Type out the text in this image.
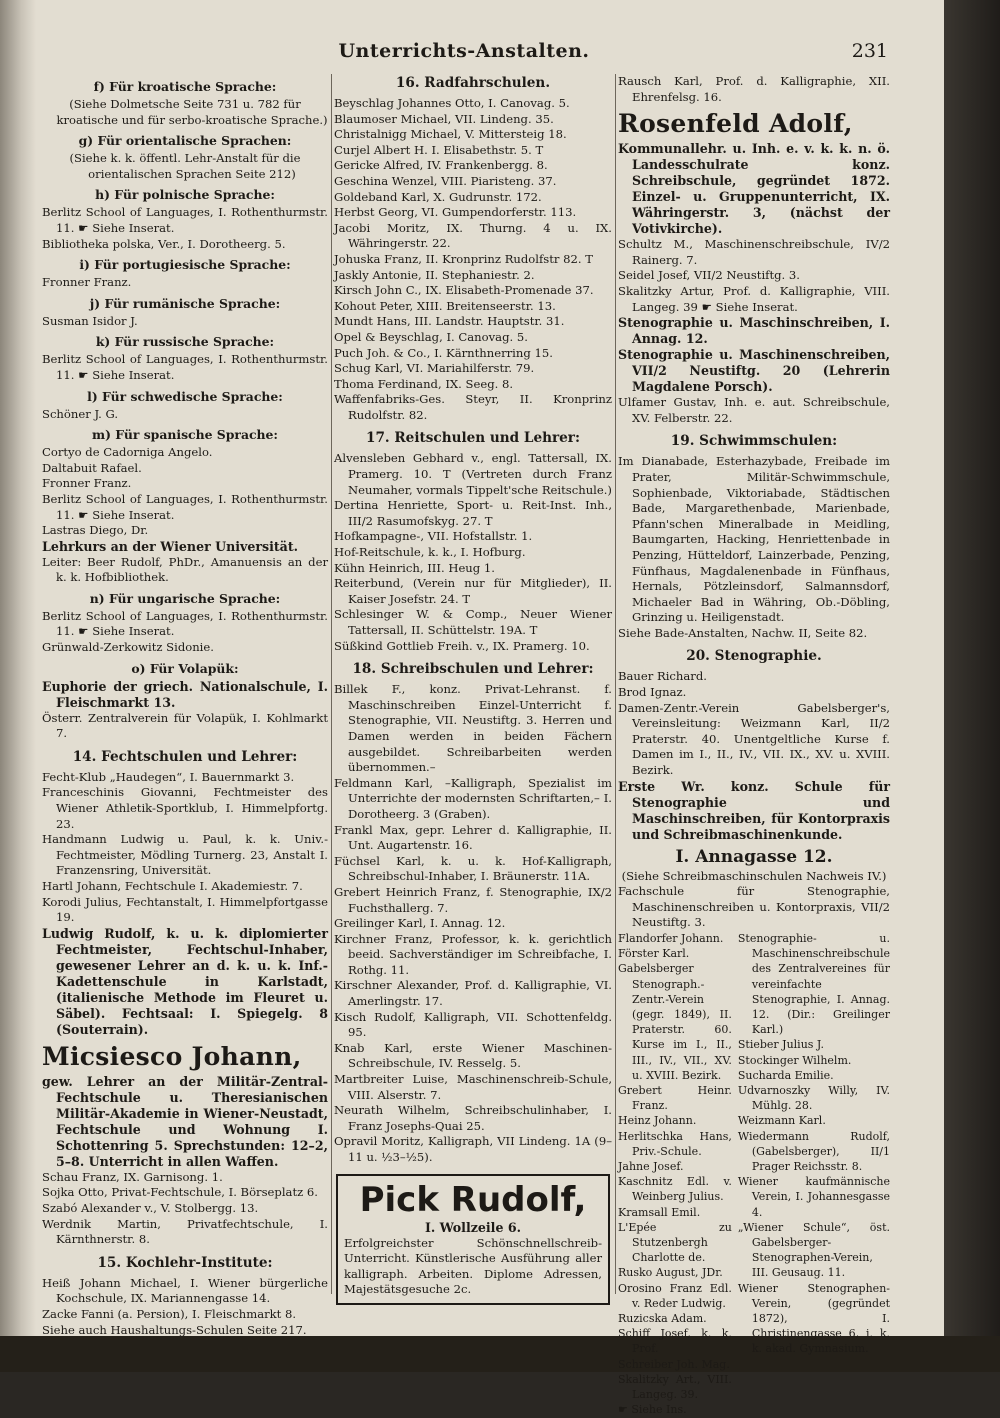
Unterrichts-Anstalten.	231
f) Für kroatische Sprache:

(Siehe Dolmetsche Seite 731 u. 782 für kroatische und für serbo-kroatische Sprache.)

g) Für orientalische Sprachen:

(Siehe k. k. öffentl. Lehr-Anstalt für die orientalischen Sprachen Seite 212)

h) Für polnische Sprache:

Berlitz School of Languages, I. Rothenthurmstr. 11. ☛ Siehe Inserat.

Bibliotheka polska, Ver., I. Dorotheerg. 5.

i) Für portugiesische Sprache:

Fronner Franz.

j) Für rumänische Sprache:

Susman Isidor J.

k) Für russische Sprache:

Berlitz School of Languages, I. Rothenthurmstr. 11. ☛ Siehe Inserat.

l) Für schwedische Sprache:

Schöner J. G.

m) Für spanische Sprache:

Cortyo de Cadorniga Angelo.

Daltabuit Rafael.

Fronner Franz.

Berlitz School of Languages, I. Rothenthurmstr. 11. ☛ Siehe Inserat.

Lastras Diego, Dr.

Lehrkurs an der Wiener Universität.

Leiter: Beer Rudolf, PhDr., Amanuensis an der k. k. Hofbibliothek.

n) Für ungarische Sprache:

Berlitz School of Languages, I. Rothenthurmstr. 11. ☛ Siehe Inserat.

Grünwald-Zerkowitz Sidonie.

o) Für Volapük:

Euphorie der griech. Nationalschule, I. Fleischmarkt 13.

Österr. Zentralverein für Volapük, I. Kohlmarkt 7.

14. Fechtschulen und Lehrer:

Fecht-Klub „Haudegen“, I. Bauernmarkt 3.

Franceschinis Giovanni, Fechtmeister des Wiener Athletik-Sportklub, I. Himmelpfortg. 23.

Handmann Ludwig u. Paul, k. k. Univ.-Fechtmeister, Mödling Turnerg. 23, Anstalt I. Franzensring, Universität.

Hartl Johann, Fechtschule I. Akademiestr. 7.

Korodi Julius, Fechtanstalt, I. Himmelpfortgasse 19.

Ludwig Rudolf, k. u. k. diplomierter Fechtmeister, Fechtschul-Inhaber, gewesener Lehrer an d. k. u. k. Inf.-Kadettenschule in Karlstadt, (italienische Methode im Fleuret u. Säbel). Fechtsaal: I. Spiegelg. 8 (Souterrain).

Micsiesco Johann,

gew. Lehrer an der Militär-Zentral-Fechtschule u. Theresianischen Militär-Akademie in Wiener-Neustadt, Fechtschule und Wohnung I. Schottenring 5. Sprechstunden: 12–2, 5–8. Unterricht in allen Waffen.

Schau Franz, IX. Garnisong. 1.

Sojka Otto, Privat-Fechtschule, I. Börseplatz 6.

Szabó Alexander v., V. Stolbergg. 13.

Werdnik Martin, Privatfechtschule, I. Kärnthnerstr. 8.

15. Kochlehr-Institute:

Heiß Johann Michael, I. Wiener bürgerliche Kochschule, IX. Mariannengasse 14.

Zacke Fanni (a. Persion), I. Fleischmarkt 8.

Siehe auch Haushaltungs-Schulen Seite 217.

16. Radfahrschulen.

Beyschlag Johannes Otto, I. Canovag. 5.

Blaumoser Michael, VII. Lindeng. 35.

Christalnigg Michael, V. Mittersteig 18.

Curjel Albert H. I. Elisabethstr. 5. T

Gericke Alfred, IV. Frankenbergg. 8.

Geschina Wenzel, VIII. Piaristeng. 37.

Goldeband Karl, X. Gudrunstr. 172.

Herbst Georg, VI. Gumpendorferstr. 113.

Jacobi Moritz, IX. Thurng. 4 u. IX. Währingerstr. 22.

Johuska Franz, II. Kronprinz Rudolfstr 82. T

Jaskly Antonie, II. Stephaniestr. 2.

Kirsch John C., IX. Elisabeth-Promenade 37.

Kohout Peter, XIII. Breitenseerstr. 13.

Mundt Hans, III. Landstr. Hauptstr. 31.

Opel & Beyschlag, I. Canovag. 5.

Puch Joh. & Co., I. Kärnthnerring 15.

Schug Karl, VI. Mariahilferstr. 79.

Thoma Ferdinand, IX. Seeg. 8.

Waffenfabriks-Ges. Steyr, II. Kronprinz Rudolfstr. 82.

17. Reitschulen und Lehrer:

Alvensleben Gebhard v., engl. Tattersall, IX. Pramerg. 10. T (Vertreten durch Franz Neumaher, vormals Tippelt'sche Reitschule.)

Dertina Henriette, Sport- u. Reit-Inst. Inh., III/2 Rasumofskyg. 27. T

Hofkampagne-, VII. Hofstallstr. 1.

Hof-Reitschule, k. k., I. Hofburg.

Kühn Heinrich, III. Heug 1.

Reiterbund, (Verein nur für Mitglieder), II. Kaiser Josefstr. 24. T

Schlesinger W. & Comp., Neuer Wiener Tattersall, II. Schüttelstr. 19A. T

Süßkind Gottlieb Freih. v., IX. Pramerg. 10.

18. Schreibschulen und Lehrer:

Billek F., konz. Privat-Lehranst. f. Maschinschreiben Einzel-Unterricht f. Stenographie, VII. Neustiftg. 3. Herren und Damen werden in beiden Fächern ausgebildet. Schreibarbeiten werden übernommen.–

Feldmann Karl, –Kalligraph, Spezialist im Unterrichte der modernsten Schriftarten,– I. Dorotheerg. 3 (Graben).

Frankl Max, gepr. Lehrer d. Kalligraphie, II. Unt. Augartenstr. 16.

Füchsel Karl, k. u. k. Hof-Kalligraph, Schreibschul-Inhaber, I. Bräunerstr. 11A.

Grebert Heinrich Franz, f. Stenographie, IX/2 Fuchsthallerg. 7.

Greilinger Karl, I. Annag. 12.

Kirchner Franz, Professor, k. k. gerichtlich beeid. Sachverständiger im Schreibfache, I. Rothg. 11.

Kirschner Alexander, Prof. d. Kalligraphie, VI. Amerlingstr. 17.

Kisch Rudolf, Kalligraph, VII. Schottenfeldg. 95.

Knab Karl, erste Wiener Maschinen-Schreibschule, IV. Resselg. 5.

Martbreiter Luise, Maschinenschreib-Schule, VIII. Alserstr. 7.

Neurath Wilhelm, Schreibschulinhaber, I. Franz Josephs-Quai 25.

Opravil Moritz, Kalligraph, VII Lindeng. 1A (9–11 u. ½3–½5).

Pick Rudolf,

I. Wollzeile 6.

Erfolgreichster Schönschnellschreib-Unterricht. Künstlerische Ausführung aller kalligraph. Arbeiten. Diplome Adressen, Majestätsgesuche 2c.

Rausch Karl, Prof. d. Kalligraphie, XII. Ehrenfelsg. 16.

Rosenfeld Adolf,

Kommunallehr. u. Inh. e. v. k. k. n. ö. Landesschulrate konz. Schreibschule, gegründet 1872. Einzel- u. Gruppenunterricht, IX. Währingerstr. 3, (nächst der Votivkirche).

Schultz M., Maschinenschreibschule, IV/2 Rainerg. 7.

Seidel Josef, VII/2 Neustiftg. 3.

Skalitzky Artur, Prof. d. Kalligraphie, VIII. Langeg. 39 ☛ Siehe Inserat.

Stenographie u. Maschinschreiben, I. Annag. 12.

Stenographie u. Maschinenschreiben, VII/2 Neustiftg. 20 (Lehrerin Magdalene Porsch).

Ulfamer Gustav, Inh. e. aut. Schreibschule, XV. Felberstr. 22.

19. Schwimmschulen:

Im Dianabade, Esterhazybade, Freibade im Prater, Militär-Schwimmschule, Sophienbade, Viktoriabade, Städtischen Bade, Margarethenbade, Marienbade, Pfann'schen Mineralbade in Meidling, Baumgarten, Hacking, Henriettenbade in Penzing, Hütteldorf, Lainzerbade, Penzing, Fünfhaus, Magdalenenbade in Fünfhaus, Hernals, Pötzleinsdorf, Salmannsdorf, Michaeler Bad in Währing, Ob.-Döbling, Grinzing u. Heiligenstadt.

Siehe Bade-Anstalten, Nachw. II, Seite 82.

20. Stenographie.

Bauer Richard.

Brod Ignaz.

Damen-Zentr.-Verein Gabelsberger's, Vereinsleitung: Weizmann Karl, II/2 Praterstr. 40. Unentgeltliche Kurse f. Damen im I., II., IV., VII. IX., XV. u. XVIII. Bezirk.

Erste Wr. konz. Schule für Stenographie und Maschinschreiben, für Kontorpraxis und Schreibmaschinenkunde.

I. Annagasse 12.

(Siehe Schreibmaschinschulen Nachweis IV.)

Fachschule für Stenographie, Maschinenschreiben u. Kontorpraxis, VII/2 Neustiftg. 3.

Flandorfer Johann.

Förster Karl.

Gabelsberger Stenograph.-Zentr.-Verein (gegr. 1849), II. Praterstr. 60. Kurse im I., II., III., IV., VII., XV. u. XVIII. Bezirk.

Grebert Heinr. Franz.

Heinz Johann.

Herlitschka Hans, Priv.-Schule.

Jahne Josef.

Kaschnitz Edl. v. Weinberg Julius.

Kramsall Emil.

L'Epée zu Stutzenbergh Charlotte de.

Rusko August, JDr.

Orosino Franz Edl. v. Reder Ludwig.

Ruzicska Adam.

Schiff Josef, k. k. Prof.

Schreiber Joh. Mag.

Skalitzky Art., VIII. Langeg. 39.

☛ Siehe Ins.

Stenographie- u. Maschinenschreibschule des Zentralvereines für vereinfachte Stenographie, I. Annag. 12. (Dir.: Greilinger Karl.)

Stieber Julius J.

Stockinger Wilhelm.

Sucharda Emilie.

Udvarnoszky Willy, IV. Mühlg. 28.

Weizmann Karl.

Wiedermann Rudolf, (Gabelsberger), II/1 Prager Reichsstr. 8.

Wiener kaufmännische Verein, I. Johannesgasse 4.

„Wiener Schule“, öst. Gabelsberger-Stenographen-Verein, III. Geusaug. 11.

Wiener Stenographen-Verein, (gegründet 1872), I. Christinengasse 6, i. k. k. akad. Gymnasium.
